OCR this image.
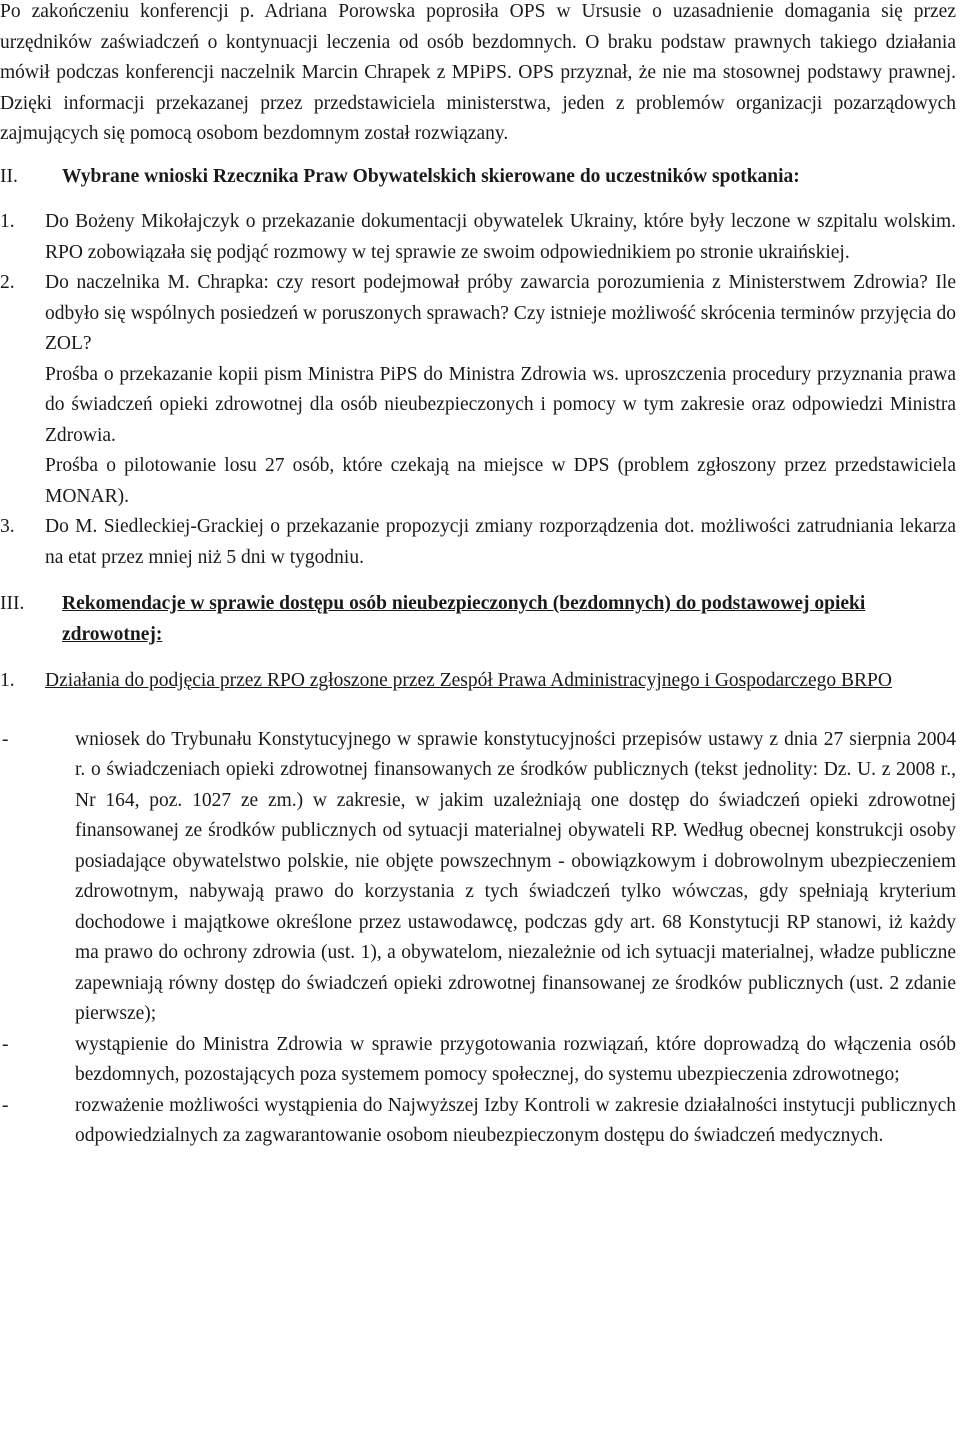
Po zakończeniu konferencji p. Adriana Porowska poprosiła OPS w Ursusie o uzasadnienie domagania się przez urzędników zaświadczeń o kontynuacji leczenia od osób bezdomnych. O braku podstaw prawnych takiego działania mówił podczas konferencji naczelnik Marcin Chrapek z MPiPS. OPS przyznał, że nie ma stosownej podstawy prawnej. Dzięki informacji przekazanej przez przedstawiciela ministerstwa, jeden z problemów organizacji pozarządowych zajmujących się pomocą osobom bezdomnym został rozwiązany.

II.	Wybrane wnioski Rzecznika Praw Obywatelskich skierowane do uczestników spotkania:
1.	Do Bożeny Mikołajczyk o przekazanie dokumentacji obywatelek Ukrainy, które były leczone w szpitalu wolskim. RPO zobowiązała się podjąć rozmowy w tej sprawie ze swoim odpowiednikiem po stronie ukraińskiej.

2.	Do naczelnika M. Chrapka: czy resort podejmował próby zawarcia porozumienia z Ministerstwem Zdrowia? Ile odbyło się wspólnych posiedzeń w poruszonych sprawach? Czy istnieje możliwość skrócenia terminów przyjęcia do ZOL?

Prośba o przekazanie kopii pism Ministra PiPS do Ministra Zdrowia ws. uproszczenia procedury przyznania prawa do świadczeń opieki zdrowotnej dla osób nieubezpieczonych i pomocy w tym zakresie oraz odpowiedzi Ministra Zdrowia.

Prośba o pilotowanie losu 27 osób, które czekają na miejsce w DPS (problem zgłoszony przez przedstawiciela MONAR).

3.	Do M. Siedleckiej-Grackiej o przekazanie propozycji zmiany rozporządzenia dot. możliwości zatrudniania lekarza na etat przez mniej niż 5 dni w tygodniu.

III.	Rekomendacje w sprawie dostępu osób nieubezpieczonych (bezdomnych) do podstawowej opieki zdrowotnej:
1.	Działania do podjęcia przez RPO zgłoszone przez Zespół Prawa Administracyjnego i Gospodarczego BRPO
-	wniosek do Trybunału Konstytucyjnego w sprawie konstytucyjności przepisów ustawy z dnia 27 sierpnia 2004 r. o świadczeniach opieki zdrowotnej finansowanych ze środków publicznych (tekst jednolity: Dz. U. z 2008 r., Nr 164, poz. 1027 ze zm.) w zakresie, w jakim uzależniają one dostęp do świadczeń opieki zdrowotnej finansowanej ze środków publicznych od sytuacji materialnej obywateli RP. Według obecnej konstrukcji osoby posiadające obywatelstwo polskie, nie objęte powszechnym - obowiązkowym i dobrowolnym ubezpieczeniem zdrowotnym, nabywają prawo do korzystania z tych świadczeń tylko wówczas, gdy spełniają kryterium dochodowe i majątkowe określone przez ustawodawcę, podczas gdy art. 68 Konstytucji RP stanowi, iż każdy ma prawo do ochrony zdrowia (ust. 1), a obywatelom, niezależnie od ich sytuacji materialnej, władze publiczne zapewniają równy dostęp do świadczeń opieki zdrowotnej finansowanej ze środków publicznych (ust. 2 zdanie pierwsze);

-	wystąpienie do Ministra Zdrowia w sprawie przygotowania rozwiązań, które doprowadzą do włączenia osób bezdomnych, pozostających poza systemem pomocy społecznej, do systemu ubezpieczenia zdrowotnego;

-	rozważenie możliwości wystąpienia do Najwyższej Izby Kontroli w zakresie działalności instytucji publicznych odpowiedzialnych za zagwarantowanie osobom nieubezpieczonym dostępu do świadczeń medycznych.
